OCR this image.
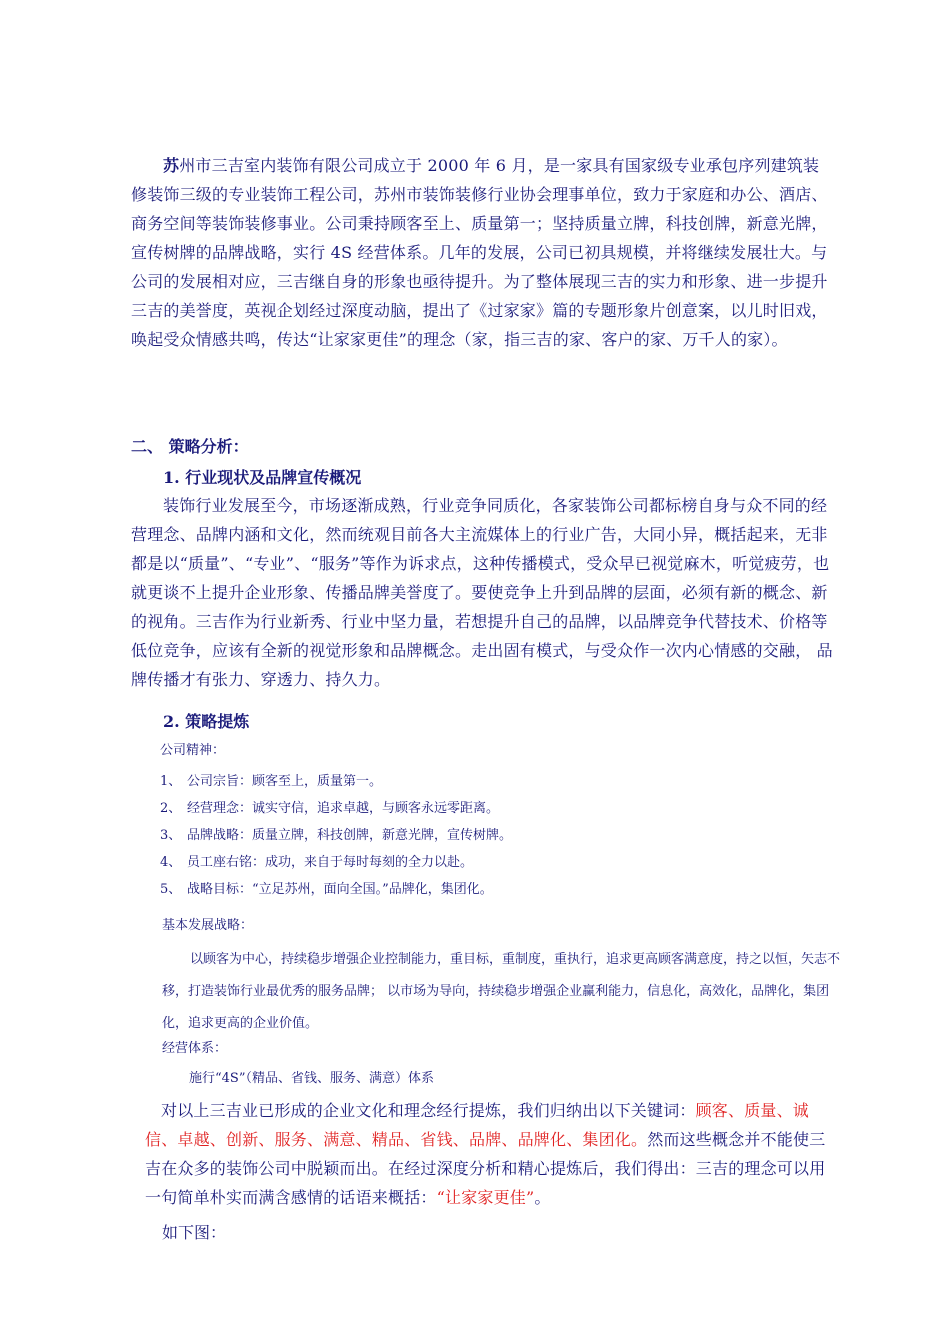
苏州市三吉室内装饰有限公司成立于 2000 年 6 月，是一家具有国家级专业承包序列建筑装修装饰三级的专业装饰工程公司，苏州市装饰装修行业协会理事单位，致力于家庭和办公、酒店、商务空间等装饰装修事业。公司秉持顾客至上、质量第一；坚持质量立牌，科技创牌，新意光牌，宣传树牌的品牌战略，实行 4S 经营体系。几年的发展，公司已初具规模，并将继续发展壮大。与公司的发展相对应，三吉继自身的形象也亟待提升。为了整体展现三吉的实力和形象、进一步提升三吉的美誉度，英视企划经过深度动脑，提出了《过家家》篇的专题形象片创意案，以儿时旧戏，唤起受众情感共鸣，传达“让家家更佳”的理念（家，指三吉的家、客户的家、万千人的家）。

二、 策略分析：
1. 行业现状及品牌宣传概况

装饰行业发展至今，市场逐渐成熟，行业竞争同质化，各家装饰公司都标榜自身与众不同的经营理念、品牌内涵和文化，然而统观目前各大主流媒体上的行业广告，大同小异，概括起来，无非都是以“质量”、“专业”、“服务”等作为诉求点，这种传播模式，受众早已视觉麻木，听觉疲劳，也就更谈不上提升企业形象、传播品牌美誉度了。要使竞争上升到品牌的层面，必须有新的概念、新的视角。三吉作为行业新秀、行业中坚力量，若想提升自己的品牌，以品牌竞争代替技术、价格等低位竞争，应该有全新的视觉形象和品牌概念。走出固有模式，与受众作一次内心情感的交融， 品牌传播才有张力、穿透力、持久力。

2. 策略提炼
公司精神：
1、 公司宗旨：顾客至上，质量第一。
2、 经营理念：诚实守信，追求卓越，与顾客永远零距离。
3、 品牌战略：质量立牌，科技创牌，新意光牌，宣传树牌。
4、 员工座右铭：成功，来自于每时每刻的全力以赴。
5、 战略目标：“立足苏州，面向全国。”品牌化，集团化。
基本发展战略：

以顾客为中心，持续稳步增强企业控制能力，重目标，重制度，重执行，追求更高顾客满意度，持之以恒，矢志不移，打造装饰行业最优秀的服务品牌； 以市场为导向，持续稳步增强企业赢利能力，信息化，高效化，品牌化，集团化，追求更高的企业价值。

经营体系：
施行“4S”（精品、省钱、服务、满意）体系

对以上三吉业已形成的企业文化和理念经行提炼，我们归纳出以下关键词：顾客、质量、诚信、卓越、创新、服务、满意、精品、省钱、品牌、品牌化、集团化。然而这些概念并不能使三吉在众多的装饰公司中脱颖而出。在经过深度分析和精心提炼后，我们得出：三吉的理念可以用一句简单朴实而满含感情的话语来概括：“让家家更佳”。

如下图：
